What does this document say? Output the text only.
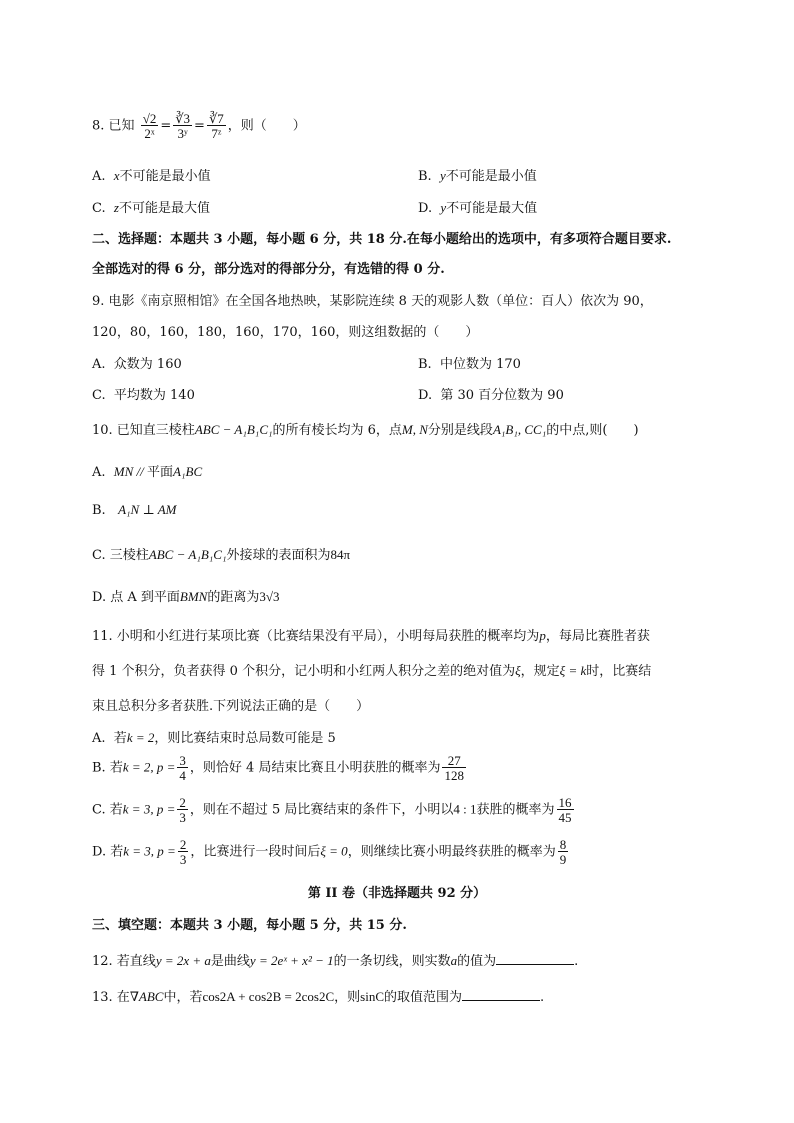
8. 已知 $\frac{√2}{\text{2ˣ}} = \frac{∛3}{\text{3ʸ}} = \frac{∛7}{\text{7ᶻ}}$ ，则（　　）
A. x不可能是最小值	B. y不可能是最小值
C. z不可能是最大值	D. y不可能是最大值
二、选择题：本题共 3 小题，每小题 6 分，共 18 分.在每小题给出的选项中，有多项符合题目要求.
全部选对的得 6 分，部分选对的得部分分，有选错的得 0 分.
9. 电影《南京照相馆》在全国各地热映，某影院连续 8 天的观影人数（单位：百人）依次为 90，
120，80，160，180，160，170，160，则这组数据的（　　）
A. 众数为 160	B. 中位数为 170
C. 平均数为 140	D. 第 30 百分位数为 90
10. 已知直三棱柱ABC − A₁B₁C₁的所有棱长均为 6，点M, N分别是线段A₁B₁, CC₁的中点,则(　　)
A. MN // 平面A₁BC
B. A₁N ⊥ AM
C. 三棱柱ABC − A₁B₁C₁外接球的表面积为84π
D. 点 A 到平面BMN的距离为3√3
11. 小明和小红进行某项比赛（比赛结果没有平局），小明每局获胜的概率均为p，每局比赛胜者获
得 1 个积分，负者获得 0 个积分，记小明和小红两人积分之差的绝对值为ξ，规定ξ = k时，比赛结
束且总积分多者获胜.下列说法正确的是（　　）
A. 若k = 2，则比赛结束时总局数可能是 5
B. 若k = 2, $p = \frac{3}{4}$ ，则恰好 4 局结束比赛且小明获胜的概率为 $\frac{27}{128}$
C. 若k = 3, $p = \frac{2}{3}$ ，则在不超过 5 局比赛结束的条件下，小明以4 : 1获胜的概率为 $\frac{16}{45}$
D. 若k = 3, $p = \frac{2}{3}$ ，比赛进行一段时间后ξ = 0，则继续比赛小明最终获胜的概率为 $\frac{8}{9}$
第 II 卷（非选择题共 92 分）
三、填空题：本题共 3 小题，每小题 5 分，共 15 分.
12. 若直线y = 2x + a是曲线y = 2eˣ + x² − 1的一条切线，则实数a的值为	.
13. 在∇ABC中，若cos2A + cos2B = 2cos2C，则sinC的取值范围为	.
